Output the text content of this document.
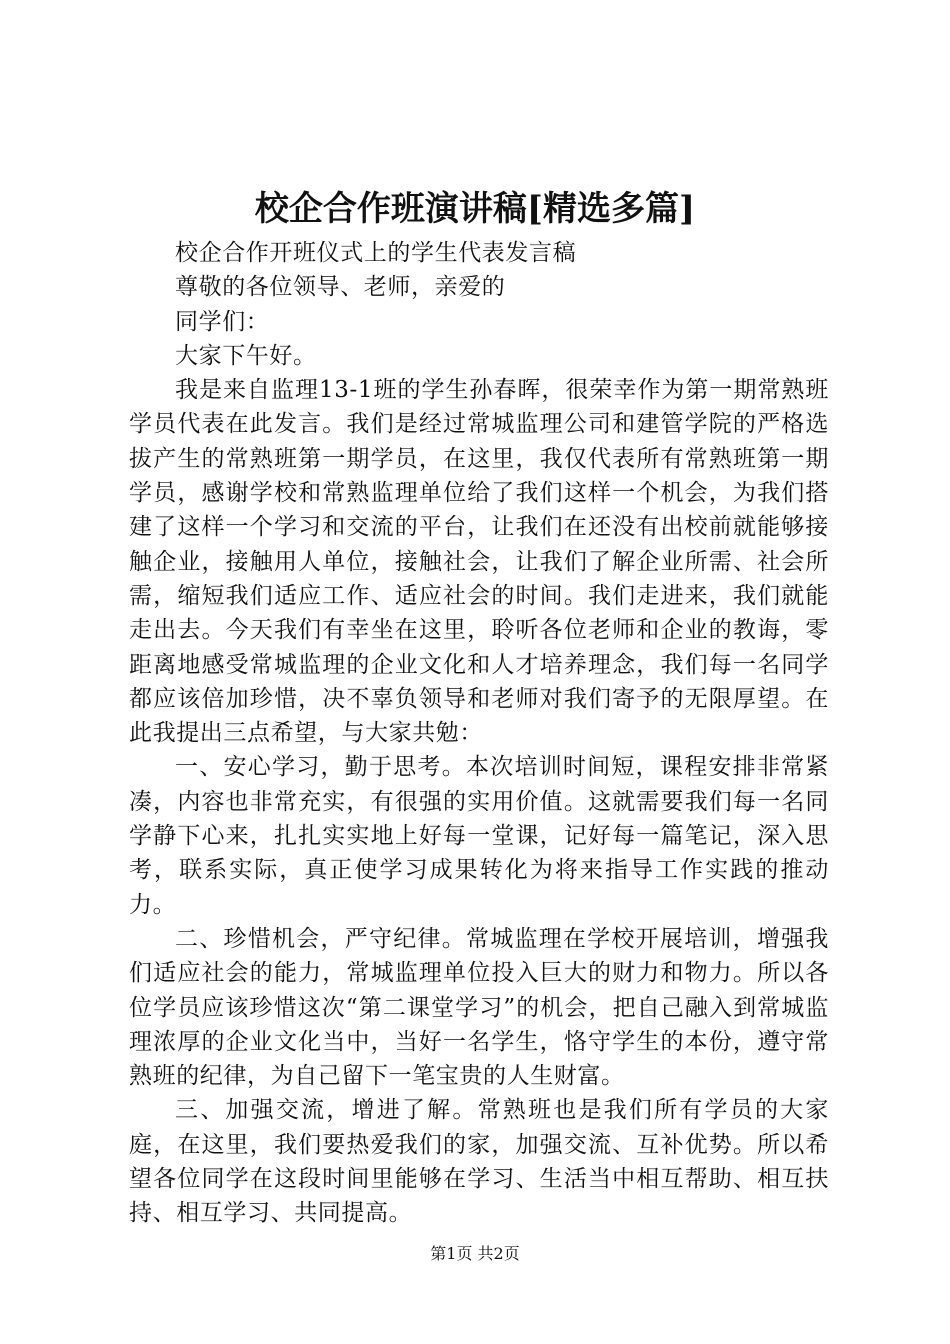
校企合作班演讲稿[精选多篇]

校企合作开班仪式上的学生代表发言稿

尊敬的各位领导、老师，亲爱的

同学们：

大家下午好。

我是来自监理13-1班的学生孙春晖，很荣幸作为第一期常熟班学员代表在此发言。我们是经过常城监理公司和建管学院的严格选拔产生的常熟班第一期学员，在这里，我仅代表所有常熟班第一期学员，感谢学校和常熟监理单位给了我们这样一个机会，为我们搭建了这样一个学习和交流的平台，让我们在还没有出校前就能够接触企业，接触用人单位，接触社会，让我们了解企业所需、社会所需，缩短我们适应工作、适应社会的时间。我们走进来，我们就能走出去。今天我们有幸坐在这里，聆听各位老师和企业的教诲，零距离地感受常城监理的企业文化和人才培养理念，我们每一名同学都应该倍加珍惜，决不辜负领导和老师对我们寄予的无限厚望。在此我提出三点希望，与大家共勉：

一、安心学习，勤于思考。本次培训时间短，课程安排非常紧凑，内容也非常充实，有很强的实用价值。这就需要我们每一名同学静下心来，扎扎实实地上好每一堂课，记好每一篇笔记，深入思考，联系实际，真正使学习成果转化为将来指导工作实践的推动力。

二、珍惜机会，严守纪律。常城监理在学校开展培训，增强我们适应社会的能力，常城监理单位投入巨大的财力和物力。所以各位学员应该珍惜这次“第二课堂学习”的机会，把自己融入到常城监理浓厚的企业文化当中，当好一名学生，恪守学生的本份，遵守常熟班的纪律，为自己留下一笔宝贵的人生财富。

三、加强交流，增进了解。常熟班也是我们所有学员的大家庭，在这里，我们要热爱我们的家，加强交流、互补优势。所以希望各位同学在这段时间里能够在学习、生活当中相互帮助、相互扶持、相互学习、共同提高。

第1页 共2页
